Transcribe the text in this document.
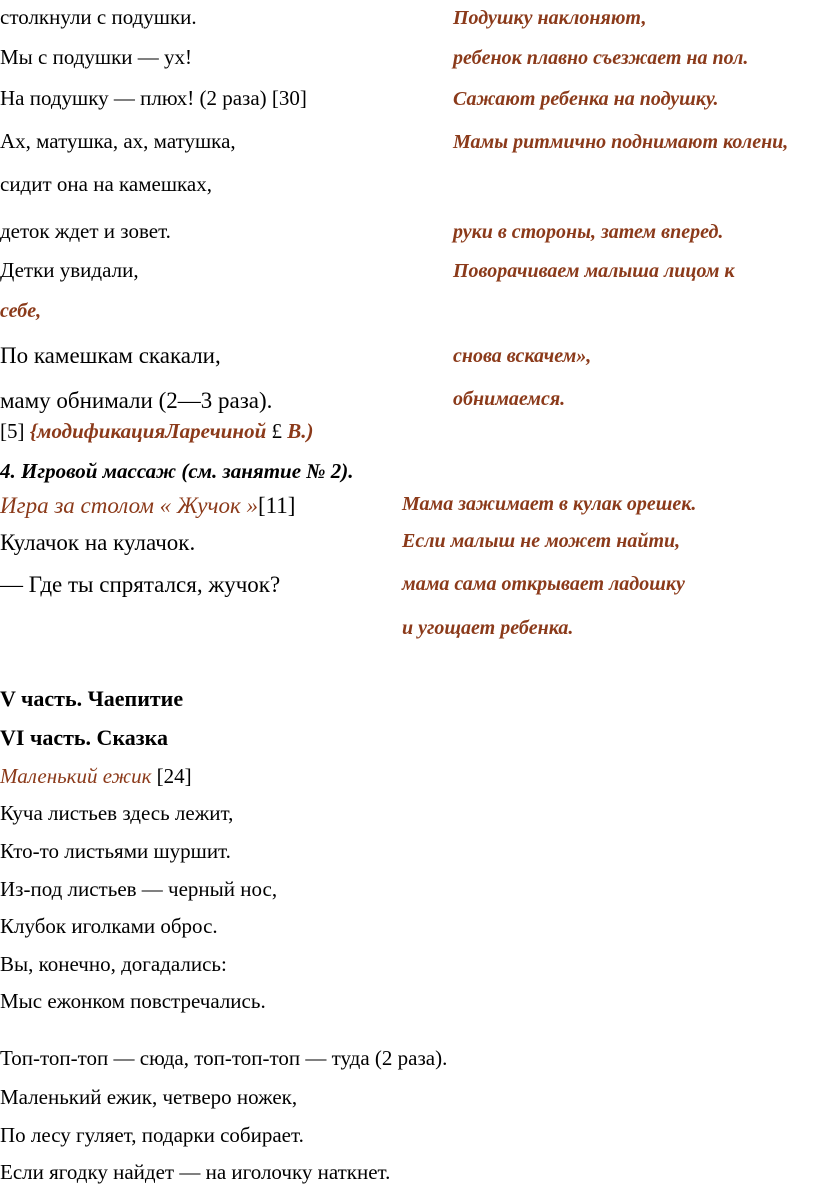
столкнули с подушки.
Мы с подушки — ух!
На подушку — плюх! (2 раза) [30]
Ах, матушка, ах, матушка,
сидит она на камешках,
деток ждет и зовет.
Детки увидали,
По камешкам скакали,
маму обнимали (2—3 раза).
Подушку наклоняют,
ребенок плавно съезжает на пол.
Сажают ребенка на подушку.
Мамы ритмично поднимают колени,
руки в стороны, затем вперед.
Поворачиваем малыша лицом к
себе,
снова вскачем»,
обнимаемся.
[5] {модификацияЛаречиной £ В.)
4. Игровой массаж (см. занятие № 2).
Игра за столом « Жучок »[11]
Кулачок на кулачок.
— Где ты спрятался, жучок?
Мама зажимает в кулак орешек.
Если малыш не может найти,
мама сама открывает ладошку
и угощает ребенка.
V часть. Чаепитие
VI часть. Сказка
Маленький ежик [24]
Куча листьев здесь лежит,
Кто-то листьями шуршит.
Из-под листьев — черный нос,
Клубок иголками оброс.
Вы, конечно, догадались:
Мыс ежонком повстречались.
Топ-топ-топ — сюда, топ-топ-топ — туда (2 раза).
Маленький ежик, четверо ножек,
По лесу гуляет, подарки собирает.
Если ягодку найдет — на иголочку наткнет.
